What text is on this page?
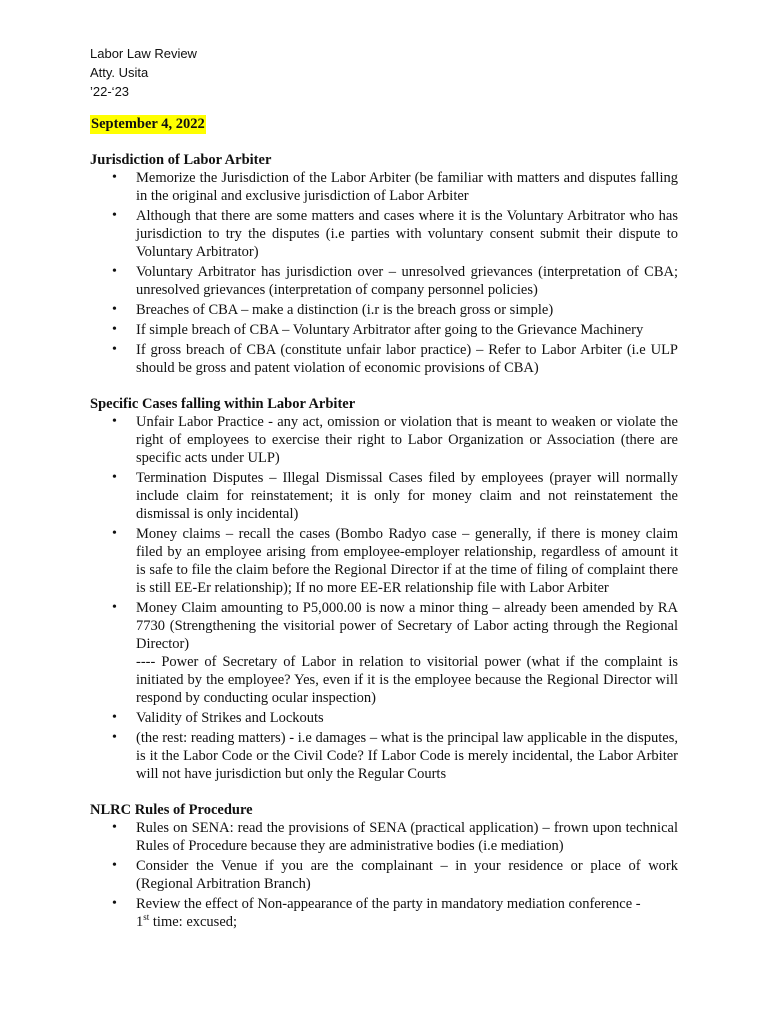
Labor Law Review
Atty. Usita
’22-‘23
September 4, 2022
Jurisdiction of Labor Arbiter
• Memorize the Jurisdiction of the Labor Arbiter (be familiar with matters and disputes falling in the original and exclusive jurisdiction of Labor Arbiter
• Although that there are some matters and cases where it is the Voluntary Arbitrator who has jurisdiction to try the disputes (i.e parties with voluntary consent submit their dispute to Voluntary Arbitrator)
• Voluntary Arbitrator has jurisdiction over – unresolved grievances (interpretation of CBA; unresolved grievances (interpretation of company personnel policies)
• Breaches of CBA – make a distinction (i.r is the breach gross or simple)
• If simple breach of CBA – Voluntary Arbitrator after going to the Grievance Machinery
• If gross breach of CBA (constitute unfair labor practice) – Refer to Labor Arbiter (i.e ULP should be gross and patent violation of economic provisions of CBA)
Specific Cases falling within Labor Arbiter
• Unfair Labor Practice - any act, omission or violation that is meant to weaken or violate the right of employees to exercise their right to Labor Organization or Association (there are specific acts under ULP)
• Termination Disputes – Illegal Dismissal Cases filed by employees (prayer will normally include claim for reinstatement; it is only for money claim and not reinstatement the dismissal is only incidental)
• Money claims – recall the cases (Bombo Radyo case – generally, if there is money claim filed by an employee arising from employee-employer relationship, regardless of amount it is safe to file the claim before the Regional Director if at the time of filing of complaint there is still EE-Er relationship); If no more EE-ER relationship file with Labor Arbiter
• Money Claim amounting to P5,000.00 is now a minor thing – already been amended by RA 7730 (Strengthening the visitorial power of Secretary of Labor acting through the Regional Director)
---- Power of Secretary of Labor in relation to visitorial power (what if the complaint is initiated by the employee? Yes, even if it is the employee because the Regional Director will respond by conducting ocular inspection)
• Validity of Strikes and Lockouts
• (the rest: reading matters) - i.e damages – what is the principal law applicable in the disputes, is it the Labor Code or the Civil Code? If Labor Code is merely incidental, the Labor Arbiter will not have jurisdiction but only the Regular Courts
NLRC Rules of Procedure
• Rules on SENA: read the provisions of SENA (practical application) – frown upon technical Rules of Procedure because they are administrative bodies (i.e mediation)
• Consider the Venue if you are the complainant – in your residence or place of work (Regional Arbitration Branch)
• Review the effect of Non-appearance of the party in mandatory mediation conference -
1st time: excused;
